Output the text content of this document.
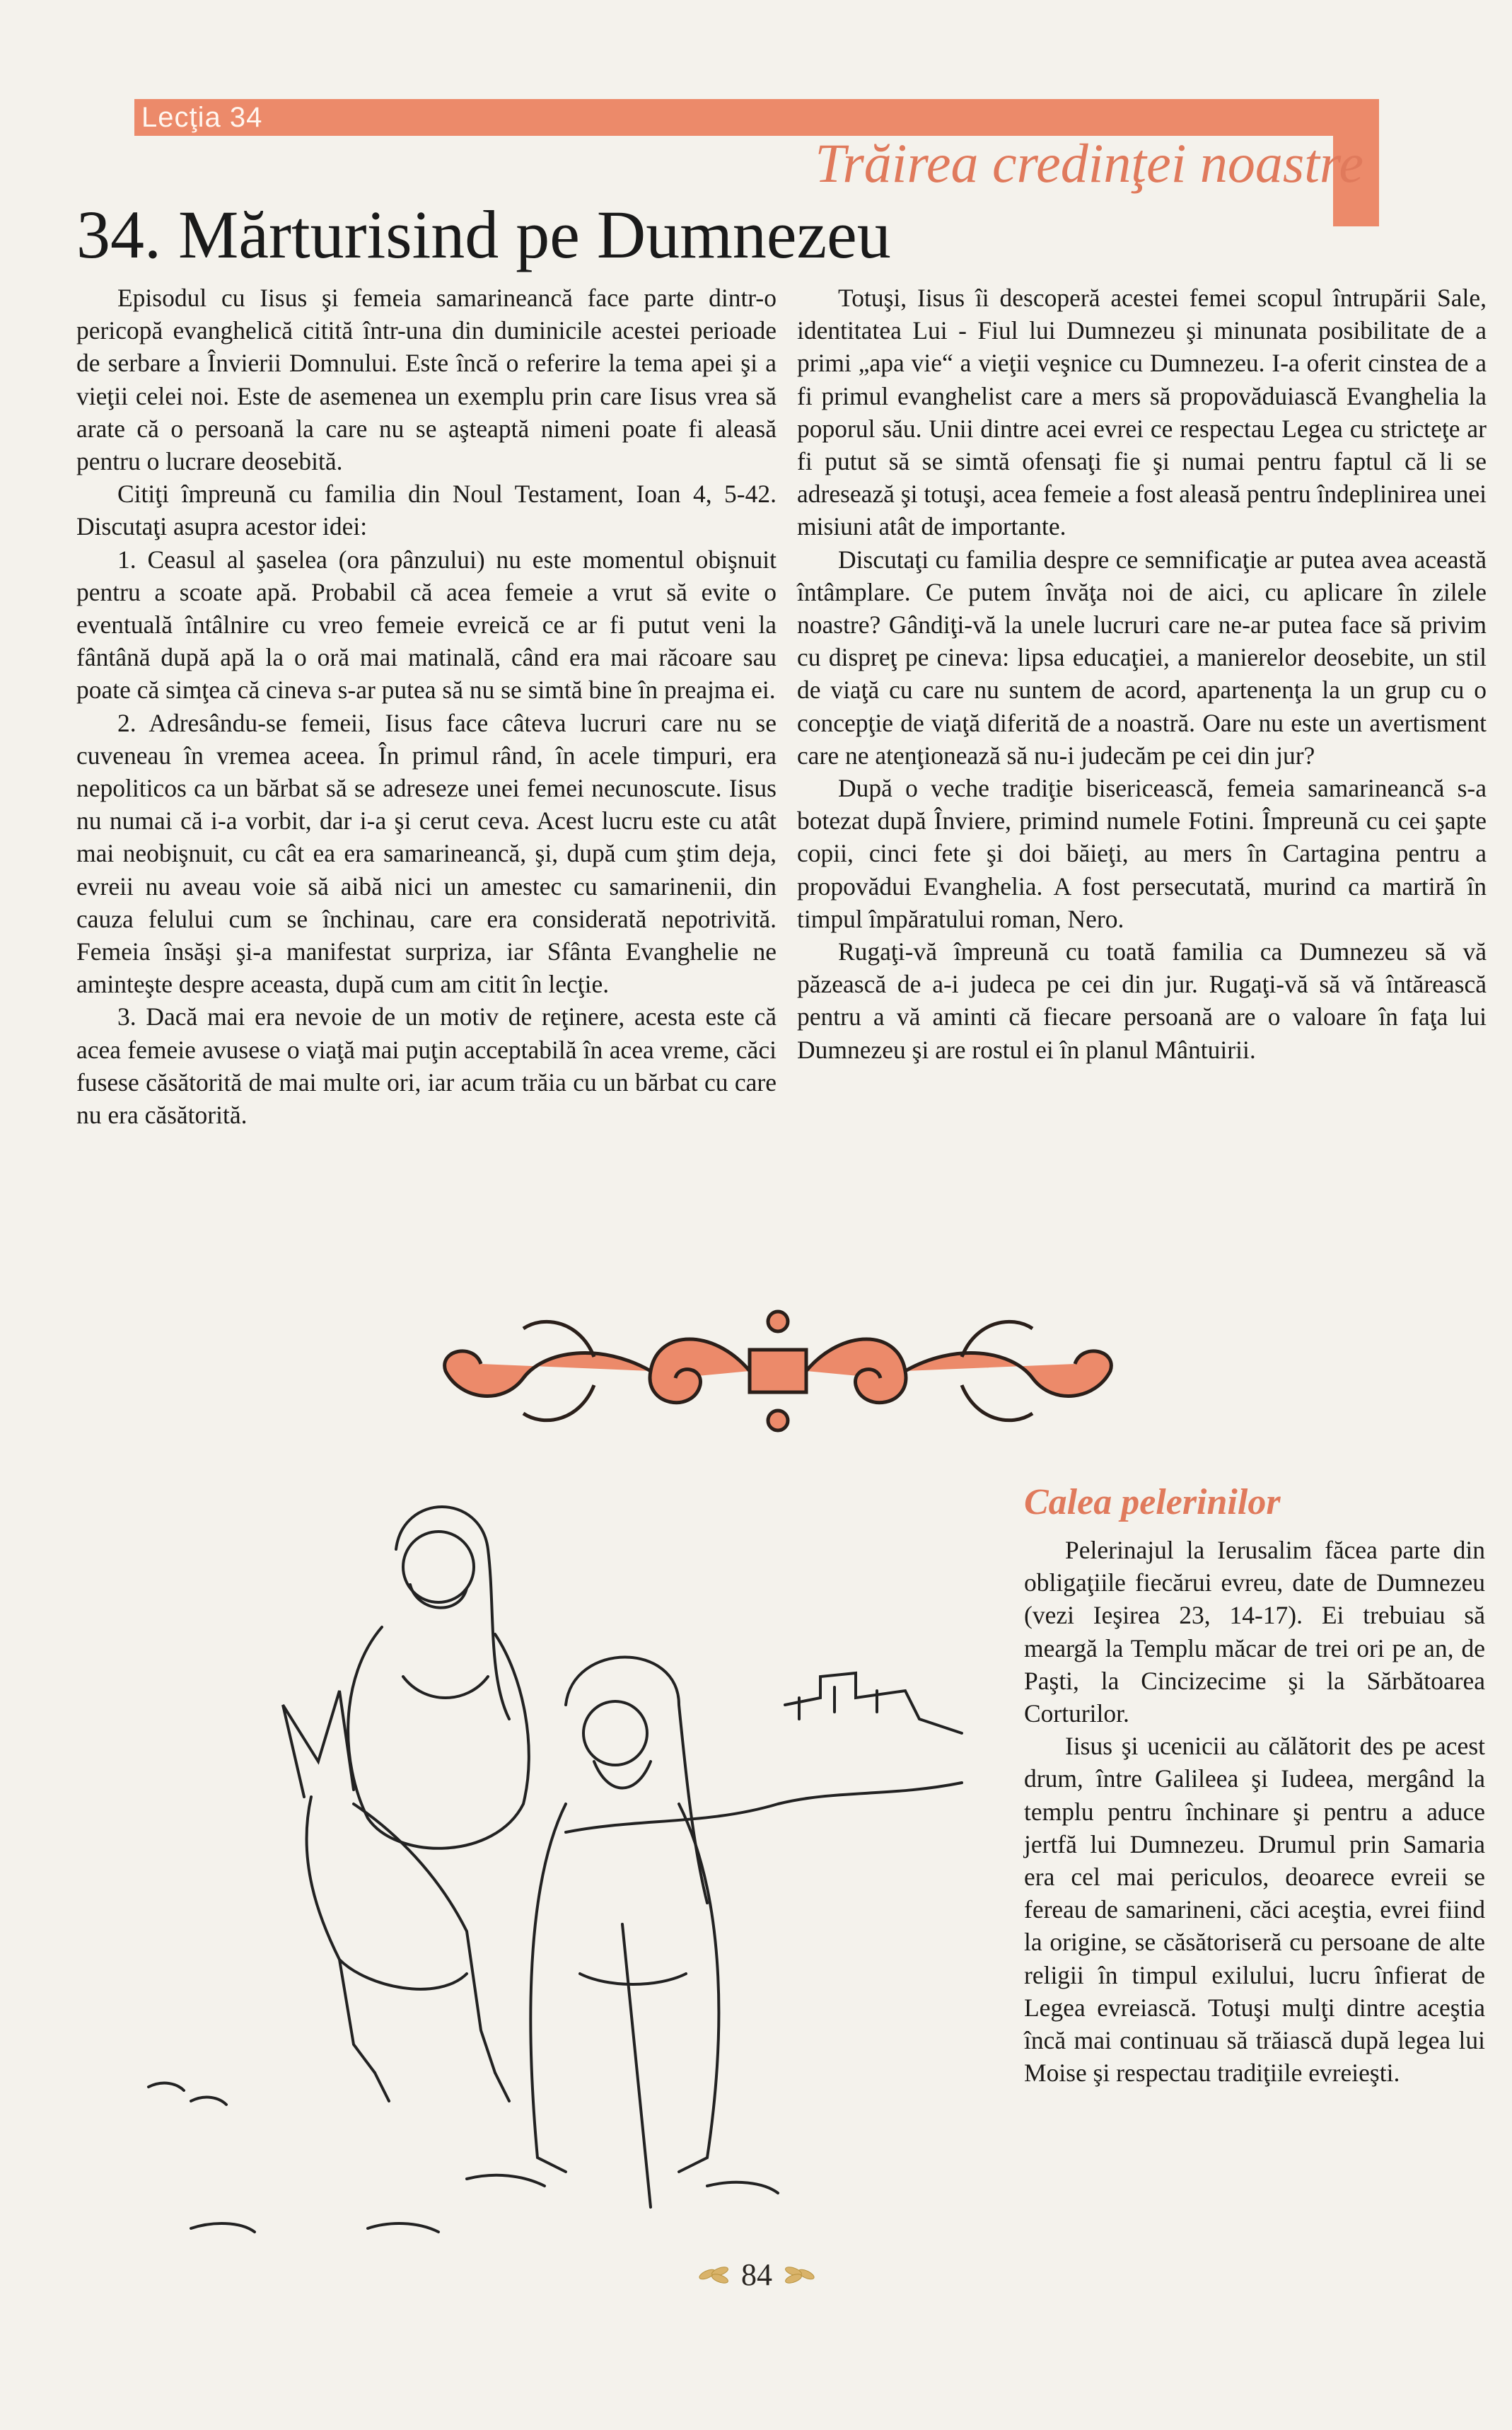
Lecţia 34
Trăirea credinţei noastre
34. Mărturisind pe Dumnezeu

Episodul cu Iisus şi femeia samarineancă face parte dintr-o pericopă evanghelică citită într-una din duminicile acestei perioade de serbare a Învierii Domnului. Este încă o referire la tema apei şi a vieţii celei noi. Este de asemenea un exemplu prin care Iisus vrea să arate că o persoană la care nu se aşteaptă nimeni poate fi aleasă pentru o lucrare deosebită.

Citiţi împreună cu familia din Noul Testament, Ioan 4, 5-42. Discutaţi asupra acestor idei:

1. Ceasul al şaselea (ora pânzului) nu este momentul obişnuit pentru a scoate apă. Probabil că acea femeie a vrut să evite o eventuală întâlnire cu vreo femeie evreică ce ar fi putut veni la fântână după apă la o oră mai matinală, când era mai răcoare sau poate că simţea că cineva s-ar putea să nu se simtă bine în preajma ei.

2. Adresându-se femeii, Iisus face câteva lucruri care nu se cuveneau în vremea aceea. În primul rând, în acele timpuri, era nepoliticos ca un bărbat să se adreseze unei femei necunoscute. Iisus nu numai că i-a vorbit, dar i-a şi cerut ceva. Acest lucru este cu atât mai neobişnuit, cu cât ea era samarineancă, şi, după cum ştim deja, evreii nu aveau voie să aibă nici un amestec cu samarinenii, din cauza felului cum se închinau, care era considerată nepotrivită. Femeia însăşi şi-a manifestat surpriza, iar Sfânta Evanghelie ne aminteşte despre aceasta, după cum am citit în lecţie.

3. Dacă mai era nevoie de un motiv de reţinere, acesta este că acea femeie avusese o viaţă mai puţin acceptabilă în acea vreme, căci fusese căsătorită de mai multe ori, iar acum trăia cu un bărbat cu care nu era căsătorită.

Totuşi, Iisus îi descoperă acestei femei scopul întrupării Sale, identitatea Lui - Fiul lui Dumnezeu şi minunata posibilitate de a primi „apa vie“ a vieţii veşnice cu Dumnezeu. I-a oferit cinstea de a fi primul evanghelist care a mers să propovăduiască Evanghelia la poporul său. Unii dintre acei evrei ce respectau Legea cu stricteţe ar fi putut să se simtă ofensaţi fie şi numai pentru faptul că li se adresează şi totuşi, acea femeie a fost aleasă pentru îndeplinirea unei misiuni atât de importante.

Discutaţi cu familia despre ce semnificaţie ar putea avea această întâmplare. Ce putem învăţa noi de aici, cu aplicare în zilele noastre? Gândiţi-vă la unele lucruri care ne-ar putea face să privim cu dispreţ pe cineva: lipsa educaţiei, a manierelor deosebite, un stil de viaţă cu care nu suntem de acord, apartenenţa la un grup cu o concepţie de viaţă diferită de a noastră. Oare nu este un avertisment care ne atenţionează să nu-i judecăm pe cei din jur?

După o veche tradiţie bisericească, femeia samarineancă s-a botezat după Înviere, primind numele Fotini. Împreună cu cei şapte copii, cinci fete şi doi băieţi, au mers în Cartagina pentru a propovădui Evanghelia. A fost persecutată, murind ca martiră în timpul împăratului roman, Nero.

Rugaţi-vă împreună cu toată familia ca Dumnezeu să vă păzească de a-i judeca pe cei din jur. Rugaţi-vă să vă întărească pentru a vă aminti că fiecare persoană are o valoare în faţa lui Dumnezeu şi are rostul ei în planul Mântuirii.

Calea pelerinilor

Pelerinajul la Ierusalim făcea parte din obligaţiile fiecărui evreu, date de Dumnezeu (vezi Ieşirea 23, 14-17). Ei trebuiau să meargă la Templu măcar de trei ori pe an, de Paşti, la Cincizecime şi la Sărbătoarea Corturilor.

Iisus şi ucenicii au călătorit des pe acest drum, între Galileea şi Iudeea, mergând la templu pentru închinare şi pentru a aduce jertfă lui Dumnezeu. Drumul prin Samaria era cel mai periculos, deoarece evreii se fereau de samarineni, căci aceştia, evrei fiind la origine, se căsătoriseră cu persoane de alte religii în timpul exilului, lucru înfierat de Legea evreiască. Totuşi mulţi dintre aceştia încă mai continuau să trăiască după legea lui Moise şi respectau tradiţiile evreieşti.

84
